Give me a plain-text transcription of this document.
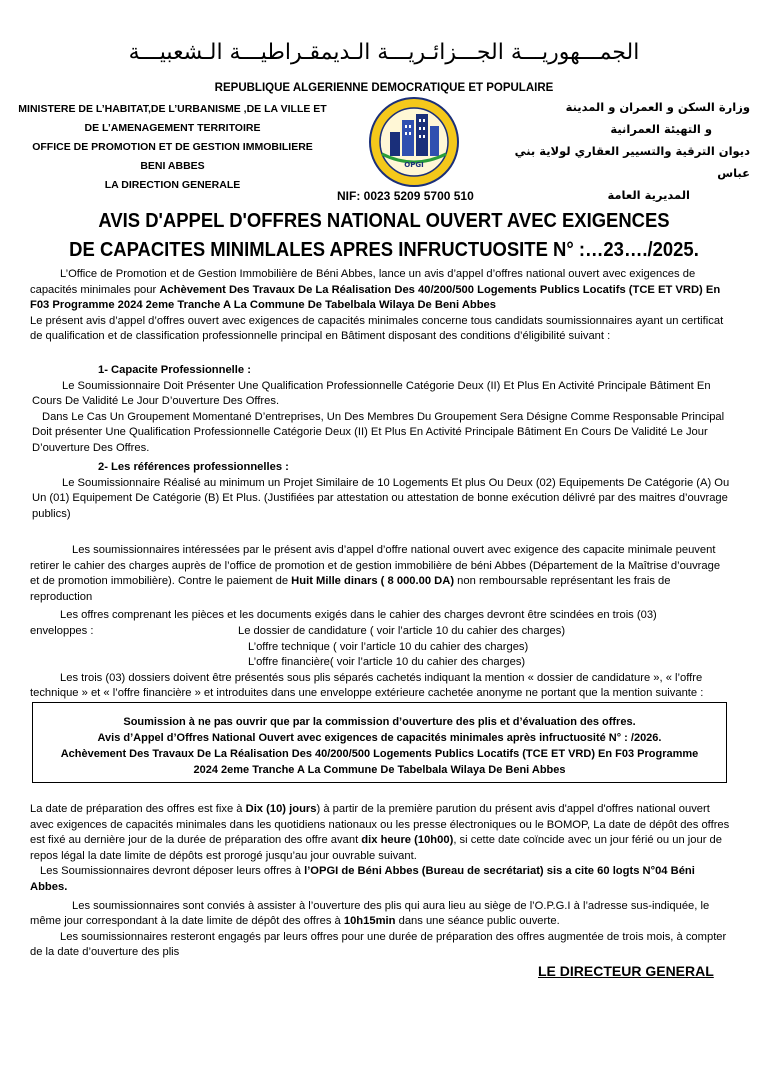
الجمـــهوريـــة الجـــزائـريـــة الـديمقـراطيـــة الـشعبيـــة
REPUBLIQUE ALGERIENNE DEMOCRATIQUE ET POPULAIRE
MINISTERE DE L’HABITAT,DE L’URBANISME ,DE LA VILLE ET
DE L’AMENAGEMENT TERRITOIRE
OFFICE DE PROMOTION ET DE GESTION IMMOBILIERE
BENI ABBES
LA DIRECTION GENERALE
OPGI
NIF: 0023 5209 5700 510
وزارة السكن و العمران و المدينة
و التهيئة العمرانية
ديوان الترقية والتسيير العقاري لولاية بني عباس
المديرية العامة
AVIS D'APPEL D'OFFRES NATIONAL OUVERT AVEC EXIGENCES
DE CAPACITES MINIMLALES APRES INFRUCTUOSITE N° :…23…./2025.
L’Office de Promotion et de Gestion Immobilière de Béni Abbes, lance un avis d’appel d’offres national ouvert avec exigences de capacités minimales pour Achèvement Des Travaux De La Réalisation Des 40/200/500 Logements Publics Locatifs (TCE ET VRD) En F03 Programme 2024 2eme Tranche A La Commune De Tabelbala Wilaya De Beni Abbes
Le présent avis d’appel d’offres ouvert avec exigences de capacités minimales concerne tous candidats soumissionnaires ayant un certificat de qualification et de classification professionnelle principal en Bâtiment disposant des conditions d’éligibilité suivant :
1- Capacite Professionnelle :
Le Soumissionnaire Doit Présenter Une Qualification Professionnelle Catégorie Deux (II) Et Plus En Activité Principale Bâtiment En Cours De Validité Le Jour D’ouverture Des Offres.
Dans Le Cas Un Groupement Momentané D’entreprises, Un Des Membres Du Groupement Sera Désigne Comme Responsable Principal Doit présenter Une Qualification Professionnelle Catégorie Deux (II) Et Plus En Activité Principale Bâtiment En Cours De Validité Le Jour D’ouverture Des Offres.
2- Les références professionnelles :
Le Soumissionnaire Réalisé au minimum un Projet Similaire de 10 Logements Et plus Ou Deux (02) Equipements De Catégorie (A) Ou Un (01) Equipement De Catégorie (B) Et Plus. (Justifiées par attestation ou attestation de bonne exécution délivré par des maitres d’ouvrage publics)
Les soumissionnaires intéressées par le présent avis d’appel d’offre national ouvert avec exigence des capacite minimale peuvent retirer le cahier des charges auprès de l’office de promotion et de gestion immobilière de béni Abbes (Département de la Maîtrise d’ouvrage et de promotion immobilière). Contre le paiement de Huit Mille dinars ( 8 000.00 DA) non remboursable représentant les frais de reproduction
Les offres comprenant les pièces et les documents exigés dans le cahier des charges devront être scindées en trois (03)
enveloppes :	Le dossier de candidature ( voir l’article 10 du cahier des charges)
L’offre technique ( voir l’article 10 du cahier des charges)
L’offre financière( voir l’article 10 du cahier des charges)
Les trois (03) dossiers doivent être présentés sous plis séparés cachetés indiquant la mention « dossier de candidature », « l’offre technique » et « l’offre financière » et introduites dans une enveloppe extérieure cachetée anonyme ne portant que la mention suivante :
Soumission à ne pas ouvrir que par la commission d’ouverture des plis et d’évaluation des offres.
Avis d’Appel d’Offres National Ouvert avec exigences de capacités minimales après infructuosité N° : /2026.
Achèvement Des Travaux De La Réalisation Des 40/200/500 Logements Publics Locatifs (TCE ET VRD) En F03 Programme
2024 2eme Tranche A La Commune De Tabelbala Wilaya De Beni Abbes
La date de préparation des offres est fixe à Dix (10) jours) à partir de la première parution du présent avis d'appel d'offres national ouvert avec exigences de capacités minimales dans les quotidiens nationaux ou les presse électroniques ou le BOMOP, La date de dépôt des offres est fixé au dernière jour de la durée de préparation des offre avant dix heure (10h00), si cette date coïncide avec un jour férié ou un jour de repos légal la date limite de dépôts est prorogé jusqu’au jour ouvrable suivant.
Les Soumissionnaires devront déposer leurs offres à l’OPGI de Béni Abbes (Bureau de secrétariat) sis a cite 60 logts N°04 Béni Abbes.
Les soumissionnaires sont conviés à assister à l’ouverture des plis qui aura lieu au siège de l’O.P.G.I à l’adresse sus-indiquée, le même jour correspondant à la date limite de dépôt des offres à 10h15min dans une séance public ouverte.
Les soumissionnaires resteront engagés par leurs offres pour une durée de préparation des offres augmentée de trois mois, à compter de la date d’ouverture des plis
LE DIRECTEUR GENERAL
